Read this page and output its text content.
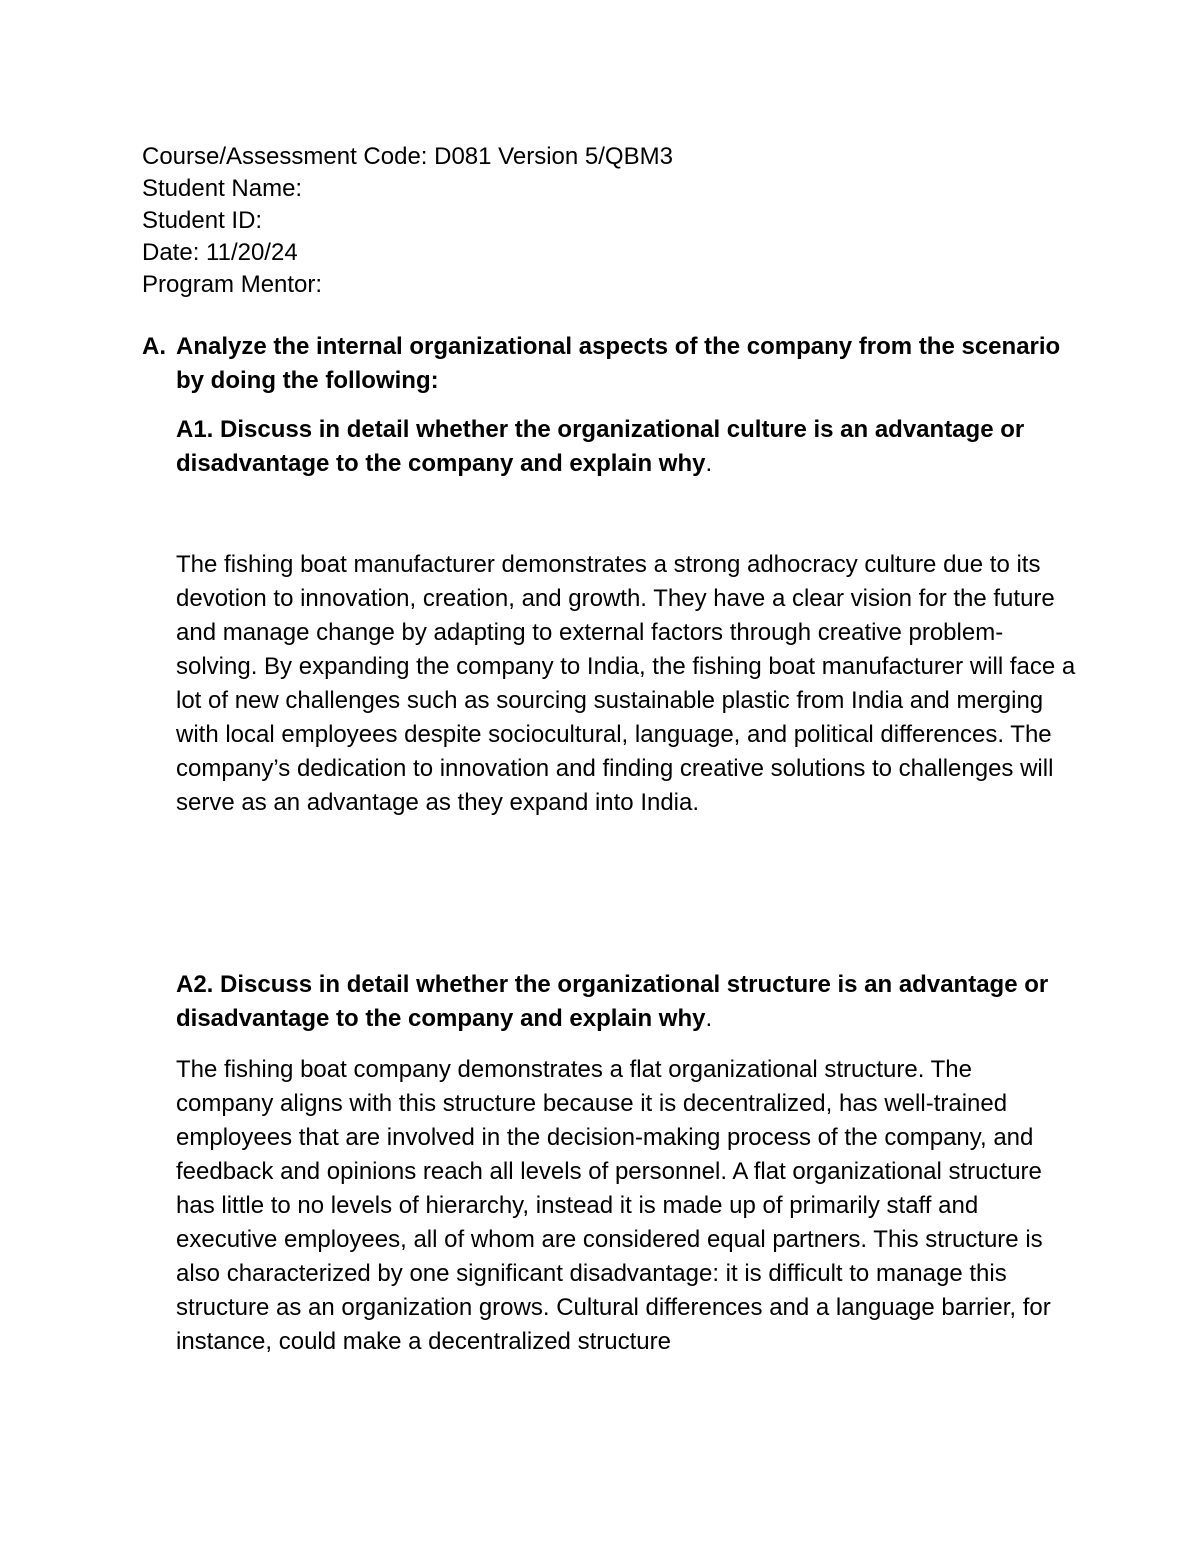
Course/Assessment Code: D081 Version 5/QBM3
Student Name:
Student ID:
Date: 11/20/24
Program Mentor:
A. Analyze the internal organizational aspects of the company from the scenario by doing the following:

A1. Discuss in detail whether the organizational culture is an advantage or disadvantage to the company and explain why.

The fishing boat manufacturer demonstrates a strong adhocracy culture due to its devotion to innovation, creation, and growth. They have a clear vision for the future and manage change by adapting to external factors through creative problem-solving. By expanding the company to India, the fishing boat manufacturer will face a lot of new challenges such as sourcing sustainable plastic from India and merging with local employees despite sociocultural, language, and political differences. The company’s dedication to innovation and finding creative solutions to challenges will serve as an advantage as they expand into India.

A2. Discuss in detail whether the organizational structure is an advantage or disadvantage to the company and explain why.

The fishing boat company demonstrates a flat organizational structure. The company aligns with this structure because it is decentralized, has well-trained employees that are involved in the decision-making process of the company, and feedback and opinions reach all levels of personnel. A flat organizational structure has little to no levels of hierarchy, instead it is made up of primarily staff and executive employees, all of whom are considered equal partners. This structure is also characterized by one significant disadvantage: it is difficult to manage this structure as an organization grows. Cultural differences and a language barrier, for instance, could make a decentralized structure
